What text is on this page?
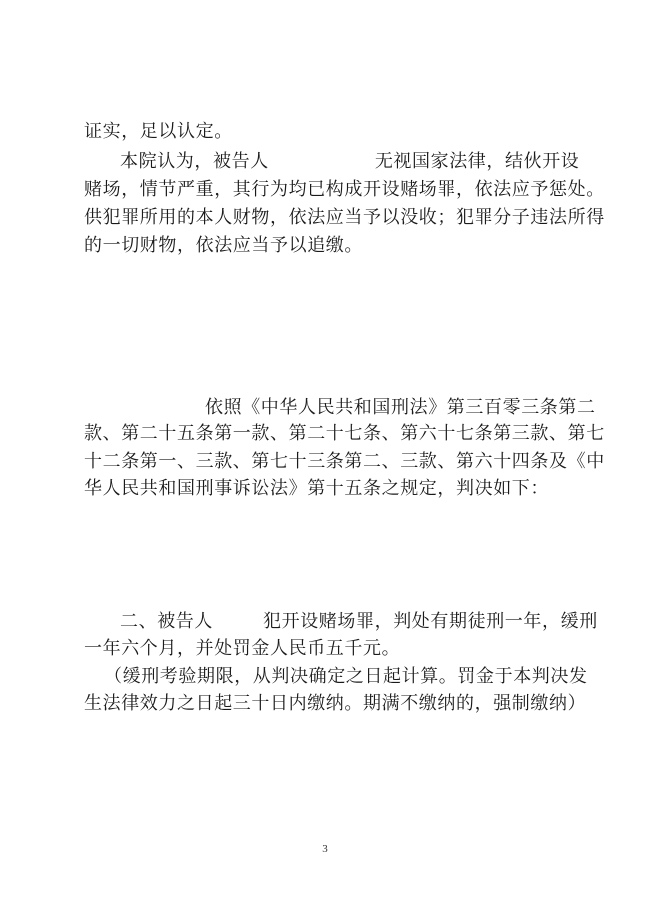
证实，足以认定。
本院认为，被告人	无视国家法律，结伙开设
赌场，情节严重，其行为均已构成开设赌场罪，依法应予惩处。
供犯罪所用的本人财物，依法应当予以没收；犯罪分子违法所得
的一切财物，依法应当予以追缴。
依照《中华人民共和国刑法》第三百零三条第二
款、第二十五条第一款、第二十七条、第六十七条第三款、第七
十二条第一、三款、第七十三条第二、三款、第六十四条及《中
华人民共和国刑事诉讼法》第十五条之规定，判决如下：
二、被告人	犯开设赌场罪，判处有期徒刑一年，缓刑
一年六个月，并处罚金人民币五千元。
（缓刑考验期限，从判决确定之日起计算。罚金于本判决发
生法律效力之日起三十日内缴纳。期满不缴纳的，强制缴纳）
3
